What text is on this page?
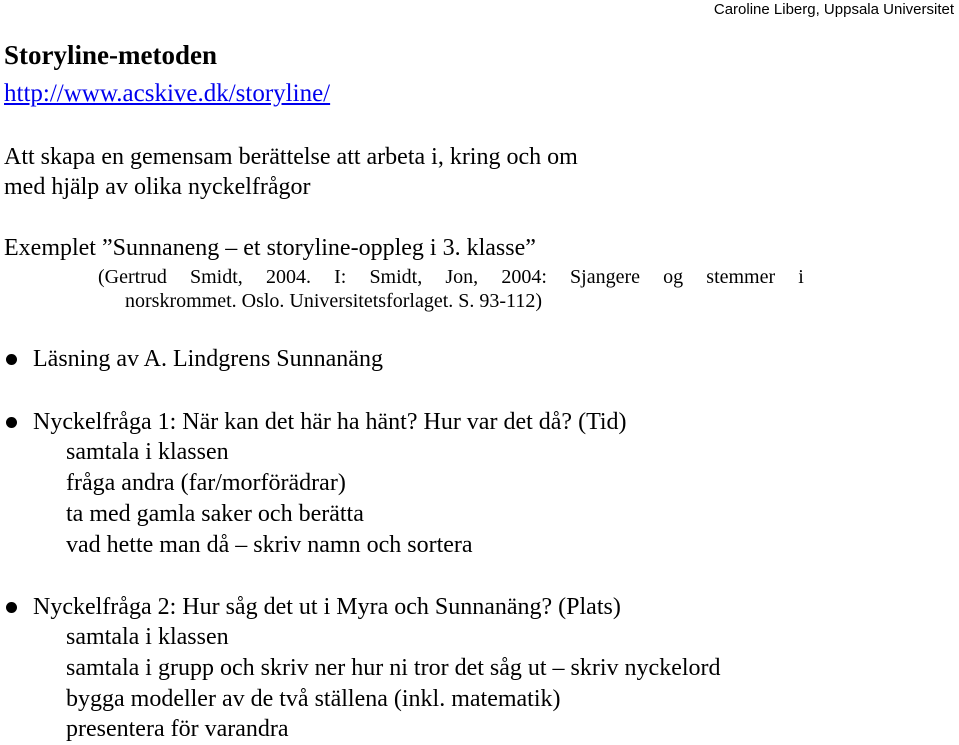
Caroline Liberg, Uppsala Universitet
Storyline-metoden
http://www.acskive.dk/storyline/
Att skapa en gemensam berättelse att arbeta i, kring och om
med hjälp av olika nyckelfrågor
Exemplet ”Sunnaneng – et storyline-oppleg i 3. klasse”
(Gertrud Smidt, 2004. I: Smidt, Jon, 2004: Sjangere og stemmer i
norskrommet. Oslo. Universitetsforlaget. S. 93-112)
Läsning av A. Lindgrens Sunnanäng
Nyckelfråga 1: När kan det här ha hänt? Hur var det då? (Tid)
samtala i klassen
fråga andra (far/morförädrar)
ta med gamla saker och berätta
vad hette man då – skriv namn och sortera
Nyckelfråga 2: Hur såg det ut i Myra och Sunnanäng? (Plats)
samtala i klassen
samtala i grupp och skriv ner hur ni tror det såg ut – skriv nyckelord
bygga modeller av de två ställena (inkl. matematik)
presentera för varandra
